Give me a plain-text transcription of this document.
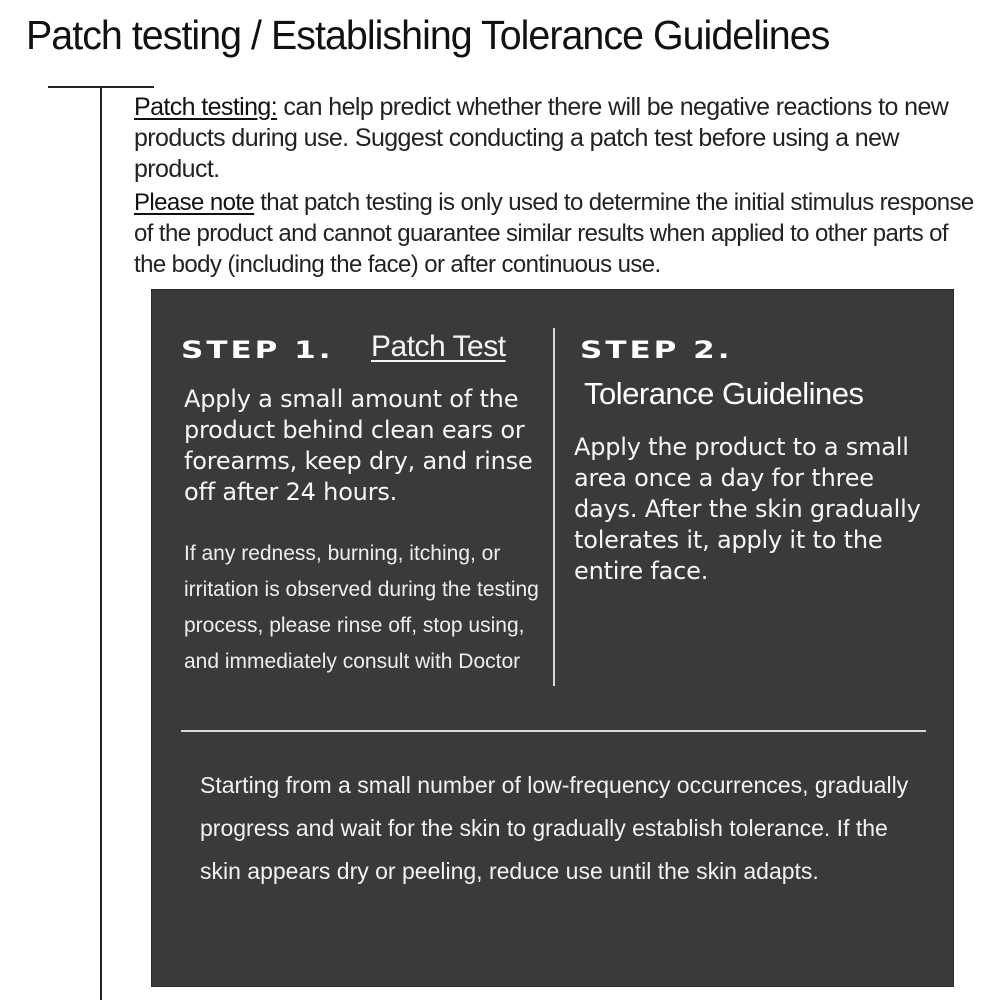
Patch testing / Establishing Tolerance Guidelines

Patch testing: can help predict whether there will be negative reactions to new products during use. Suggest conducting a patch test before using a new product.

Please note that patch testing is only used to determine the initial stimulus response of the product and cannot guarantee similar results when applied to other parts of the body (including the face) or after continuous use.

STEP 1. Patch Test
Apply a small amount of the product behind clean ears or forearms, keep dry, and rinse off after 24 hours.
If any redness, burning, itching, or irritation is observed during the testing process, please rinse off, stop using, and immediately consult with Doctor
STEP 2.
Tolerance Guidelines
Apply the product to a small area once a day for three days. After the skin gradually tolerates it, apply it to the entire face.
Starting from a small number of low-frequency occurrences, gradually progress and wait for the skin to gradually establish tolerance. If the skin appears dry or peeling, reduce use until the skin adapts.
